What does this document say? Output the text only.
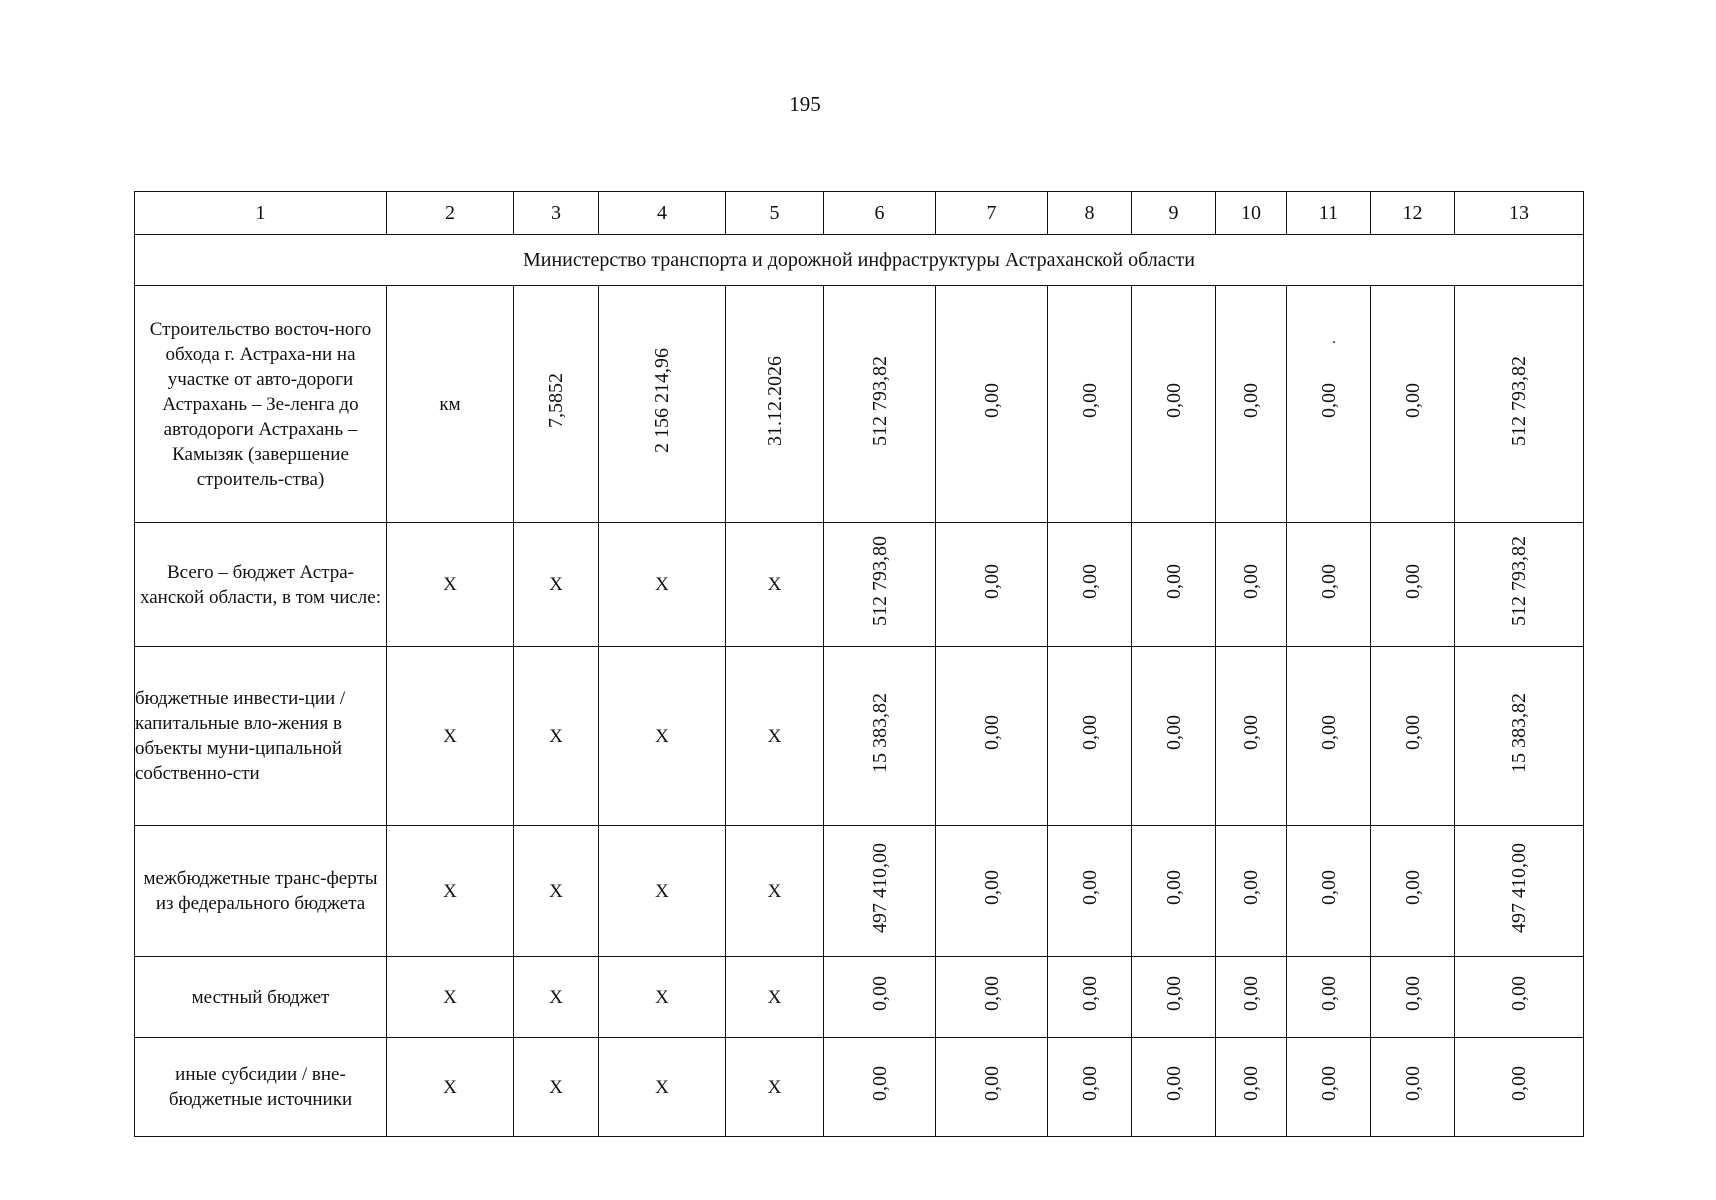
195
1	2	3	4	5	6	7	8	9	10	11	12	13
Министерство транспорта и дорожной инфраструктуры Астраханской области												
Строительство восточ-ного обхода г. Астраха-ни на участке от авто-дороги Астрахань – Зе-ленга до автодороги Астрахань – Камызяк (завершение строитель-ства)	км	7,5852	2 156 214,96	31.12.2026	512 793,82	0,00	0,00	0,00	0,00	0,00	0,00	512 793,82
Всего – бюджет Астра-ханской области, в том числе:	X	X	X	X	512 793,80	0,00	0,00	0,00	0,00	0,00	0,00	512 793,82
бюджетные инвести-ции / капитальные вло-жения в объекты муни-ципальной собственно-сти	X	X	X	X	15 383,82	0,00	0,00	0,00	0,00	0,00	0,00	15 383,82
межбюджетные транс-ферты из федерального бюджета	X	X	X	X	497 410,00	0,00	0,00	0,00	0,00	0,00	0,00	497 410,00
местный бюджет	X	X	X	X	0,00	0,00	0,00	0,00	0,00	0,00	0,00	0,00
иные субсидии / вне-бюджетные источники	X	X	X	X	0,00	0,00	0,00	0,00	0,00	0,00	0,00	0,00
